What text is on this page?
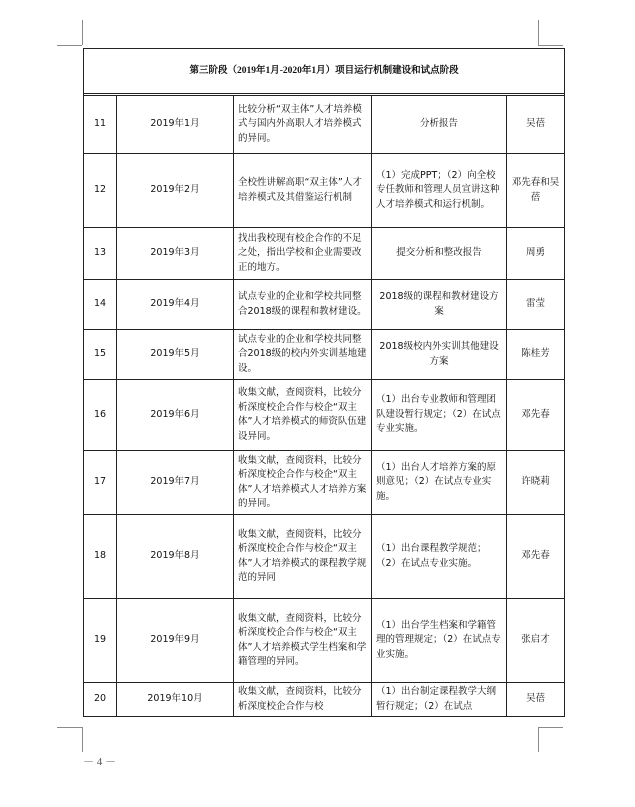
第三阶段（2019年1月-2020年1月）项目运行机制建设和试点阶段				

11	2019年1月	比较分析“双主体”人才培养模式与国内外高职人才培养模式的异同。	分析报告	吴蓓
12	2019年2月	全校性讲解高职“双主体”人才培养模式及其借鉴运行机制	（1）完成PPT；（2）向全校专任教师和管理人员宣讲这种人才培养模式和运行机制。	邓先春和吴蓓
13	2019年3月	找出我校现有校企合作的不足之处，指出学校和企业需要改正的地方。	提交分析和整改报告	周勇
14	2019年4月	试点专业的企业和学校共同整合2018级的课程和教材建设。	2018级的课程和教材建设方案	雷莹
15	2019年5月	试点专业的企业和学校共同整合2018级的校内外实训基地建设。	2018级校内外实训其他建设方案	陈桂芳
16	2019年6月	收集文献，查阅资料，比较分析深度校企合作与校企“双主体”人才培养模式的师资队伍建设异同。	（1）出台专业教师和管理团队建设暂行规定；（2）在试点专业实施。	邓先春
17	2019年7月	收集文献，查阅资料，比较分析深度校企合作与校企“双主体”人才培养模式人才培养方案的异同。	（1）出台人才培养方案的原则意见；（2）在试点专业实施。	许晓莉
18	2019年8月	收集文献，查阅资料，比较分析深度校企合作与校企“双主体”人才培养模式的课程教学规范的异同	（1）出台课程教学规范；（2）在试点专业实施。	邓先春
19	2019年9月	收集文献，查阅资料，比较分析深度校企合作与校企“双主体”人才培养模式学生档案和学籍管理的异同。	（1）出台学生档案和学籍管理的管理规定；（2）在试点专业实施。	张启才
20	2019年10月	收集文献，查阅资料，比较分析深度校企合作与校	（1）出台制定课程教学大纲暂行规定；（2）在试点	吴蓓
－ 4 －
